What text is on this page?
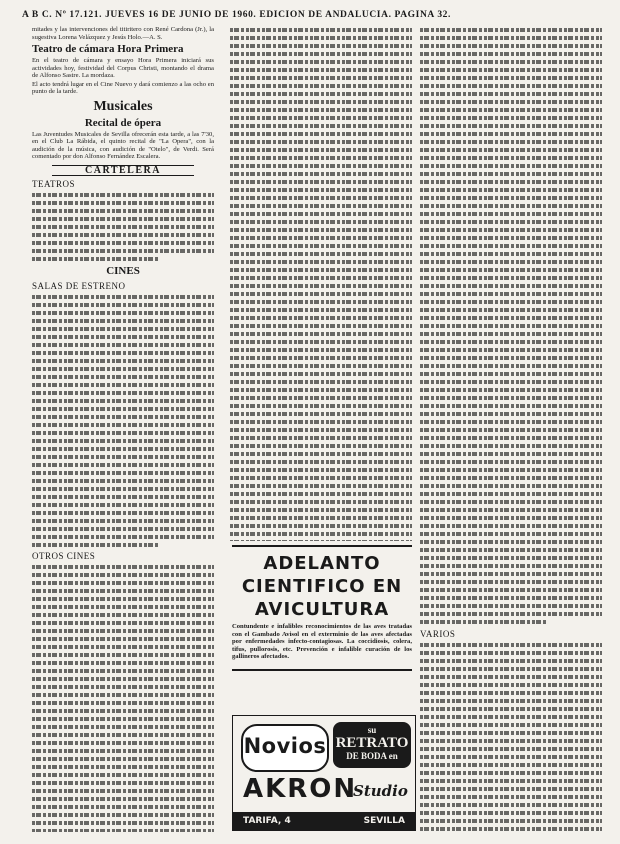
A B C. Nº 17.121. JUEVES 16 DE JUNIO DE 1960. EDICION DE ANDALUCIA. PAGINA 32.

mitades y las intervenciones del titiritero con René Cardona (Jr.), la sugestiva Lorena Velázquez y Jesús Holo.—A. S.

Teatro de cámara Hora Primera

En el teatro de cámara y ensayo Hora Primera iniciará sus actividades hoy, festividad del Corpus Christi, montando el drama de Alfonso Sastre. La mordaza.

El acto tendrá lugar en el Cine Nuevo y dará comienzo a las ocho en punto de la tarde.

Musicales
Recital de ópera

Las Juventudes Musicales de Sevilla ofrecerán esta tarde, a las 7'30, en el Club La Rábida, el quinto recital de "La Opera", con la audición de la música, con audición de "Otelo", de Verdi. Será comentado por don Alfonso Fernández Escalera.

CARTELERA
TEATROS
CINES
SALAS DE ESTRENO
OTROS CINES	ADELANTO
CIENTIFICO EN
AVICULTURA
Contundente e infalibles reconocimientos de las aves tratadas con el Gambado Avisol en el exterminio de las aves afectadas por enfermedades infecto-contagiosas. La coccidiosis, colera, tifus, pullorosis, etc. Prevención e infalible curación de los gallineros afectados.
Novios
su
RETRATO
DE BODA en
AKRON
Studio
TARIFA, 4	SEVILLA
VARIOS
